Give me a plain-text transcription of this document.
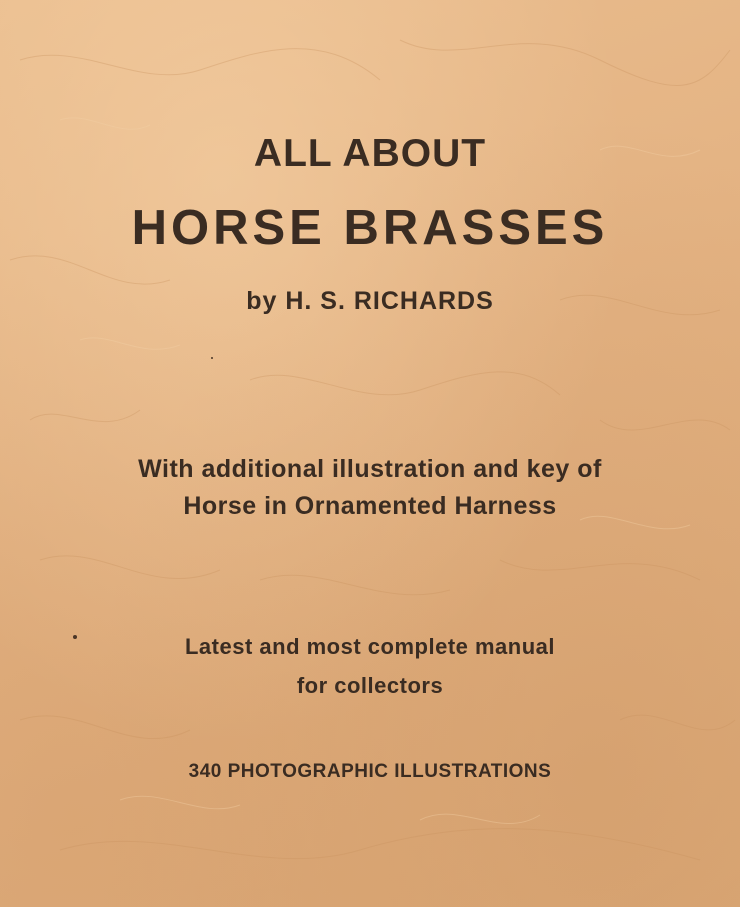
ALL ABOUT
HORSE BRASSES

by H. S. RICHARDS

With additional illustration and key of

Horse in Ornamented Harness

Latest and most complete manual

for collectors

340 PHOTOGRAPHIC ILLUSTRATIONS
